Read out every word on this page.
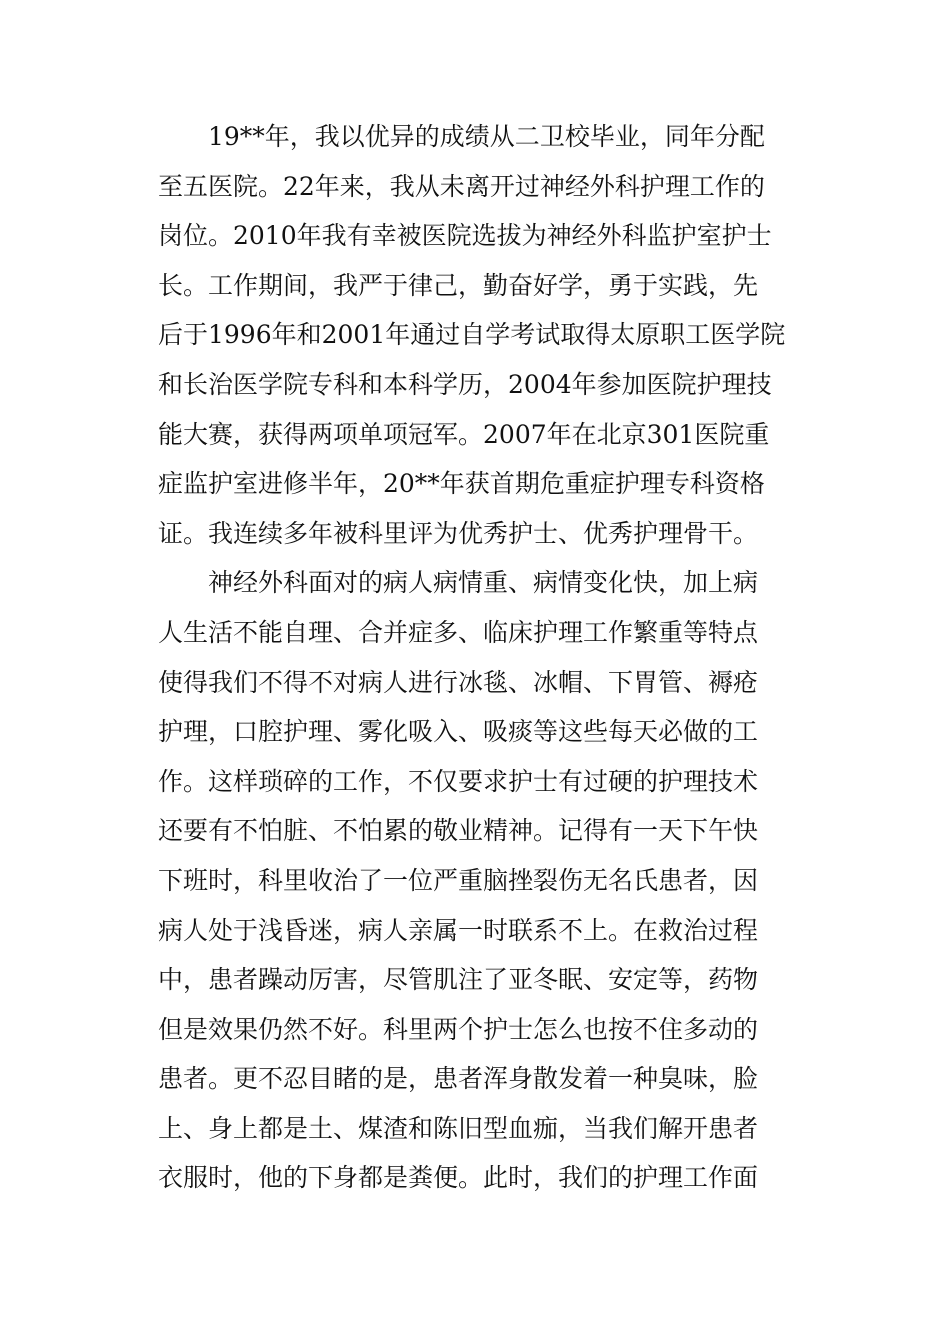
19**年，我以优异的成绩从二卫校毕业，同年分配
至五医院。22年来，我从未离开过神经外科护理工作的
岗位。2010年我有幸被医院选拔为神经外科监护室护士
长。工作期间，我严于律己，勤奋好学，勇于实践，先
后于1996年和2001年通过自学考试取得太原职工医学院
和长治医学院专科和本科学历，2004年参加医院护理技
能大赛，获得两项单项冠军。2007年在北京301医院重
症监护室进修半年，20**年获首期危重症护理专科资格
证。我连续多年被科里评为优秀护士、优秀护理骨干。
神经外科面对的病人病情重、病情变化快，加上病
人生活不能自理、合并症多、临床护理工作繁重等特点
使得我们不得不对病人进行冰毯、冰帽、下胃管、褥疮
护理，口腔护理、雾化吸入、吸痰等这些每天必做的工
作。这样琐碎的工作，不仅要求护士有过硬的护理技术
还要有不怕脏、不怕累的敬业精神。记得有一天下午快
下班时，科里收治了一位严重脑挫裂伤无名氏患者，因
病人处于浅昏迷，病人亲属一时联系不上。在救治过程
中，患者躁动厉害，尽管肌注了亚冬眠、安定等，药物
但是效果仍然不好。科里两个护士怎么也按不住多动的
患者。更不忍目睹的是，患者浑身散发着一种臭味，脸
上、身上都是土、煤渣和陈旧型血痂，当我们解开患者
衣服时，他的下身都是粪便。此时，我们的护理工作面
